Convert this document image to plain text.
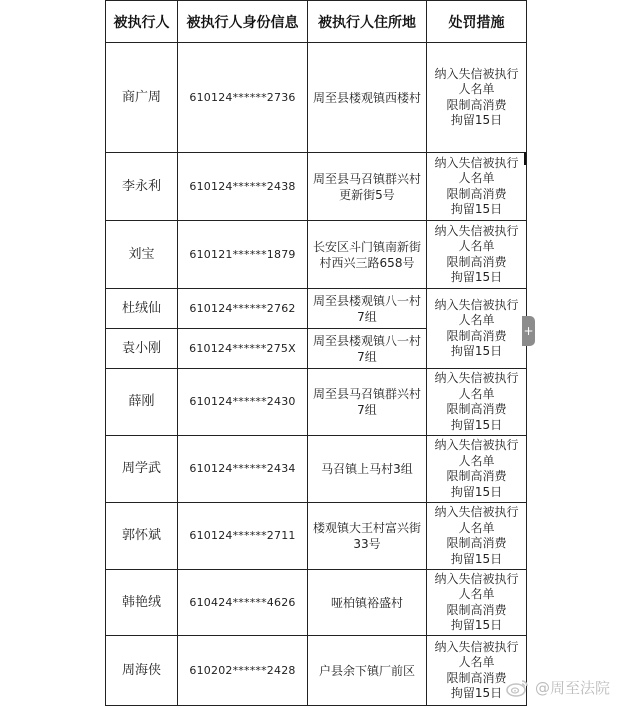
被执行人	被执行人身份信息	被执行人住所地	处罚措施
商广周	610124******2736	周至县楼观镇西楼村	纳入失信被执行人名单
限制高消费
拘留15日

李永利	610124******2438	周至县马召镇群兴村更新街5号	纳入失信被执行人名单
限制高消费
拘留15日

刘宝	610121******1879	长安区斗门镇南新街村西兴三路658号	纳入失信被执行人名单
限制高消费
拘留15日

杜绒仙	610124******2762	周至县楼观镇八一村7组	纳入失信被执行人名单
限制高消费
拘留15日

袁小刚	610124******275X	周至县楼观镇八一村7组	
薛刚	610124******2430	周至县马召镇群兴村7组	纳入失信被执行人名单
限制高消费
拘留15日

周学武	610124******2434	马召镇上马村3组	纳入失信被执行人名单
限制高消费
拘留15日

郭怀斌	610124******2711	楼观镇大王村富兴街33号	纳入失信被执行人名单
限制高消费
拘留15日

韩艳绒	610424******4626	哑柏镇裕盛村	纳入失信被执行人名单
限制高消费
拘留15日

周海侠	610202******2428	户县余下镇厂前区	纳入失信被执行人名单
限制高消费
拘留15日
+
@周至法院
